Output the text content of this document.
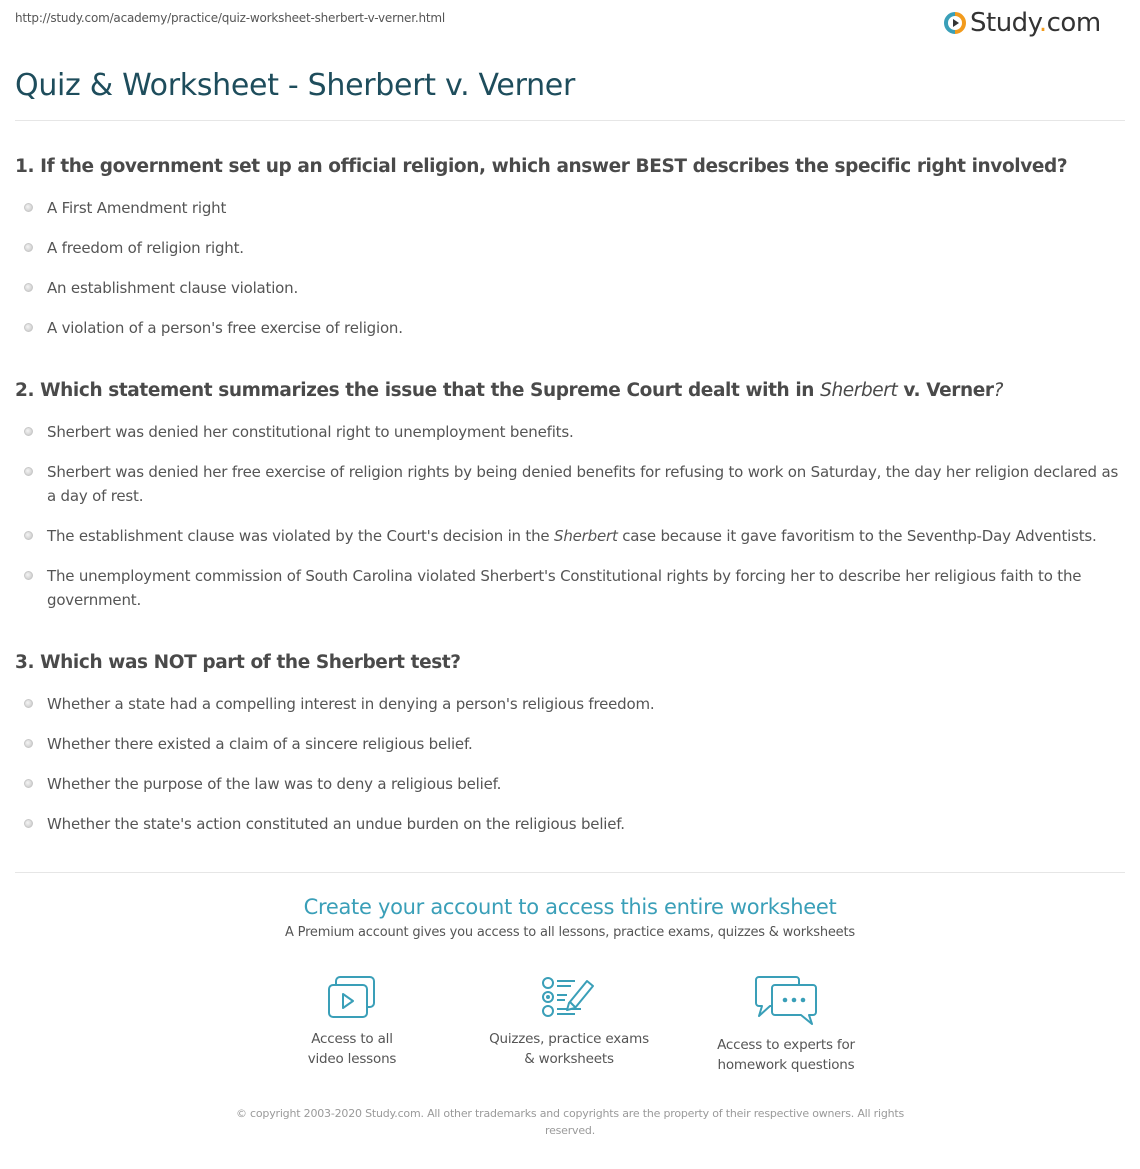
http://study.com/academy/practice/quiz-worksheet-sherbert-v-verner.html	Study.com
Quiz & Worksheet - Sherbert v. Verner
1. If the government set up an official religion, which answer BEST describes the specific right involved?
A First Amendment right
A freedom of religion right.
An establishment clause violation.
A violation of a person's free exercise of religion.
2. Which statement summarizes the issue that the Supreme Court dealt with in Sherbert v. Verner?
Sherbert was denied her constitutional right to unemployment benefits.
Sherbert was denied her free exercise of religion rights by being denied benefits for refusing to work on Saturday, the day her religion declared as a day of rest.
The establishment clause was violated by the Court's decision in the Sherbert case because it gave favoritism to the Seventhp-Day Adventists.
The unemployment commission of South Carolina violated Sherbert's Constitutional rights by forcing her to describe her religious faith to the government.
3. Which was NOT part of the Sherbert test?
Whether a state had a compelling interest in denying a person's religious freedom.
Whether there existed a claim of a sincere religious belief.
Whether the purpose of the law was to deny a religious belief.
Whether the state's action constituted an undue burden on the religious belief.
Create your account to access this entire worksheet
A Premium account gives you access to all lessons, practice exams, quizzes & worksheets
Access to all
video lessons
Quizzes, practice exams
& worksheets
Access to experts for
homework questions
© copyright 2003-2020 Study.com. All other trademarks and copyrights are the property of their respective owners. All rights reserved.
